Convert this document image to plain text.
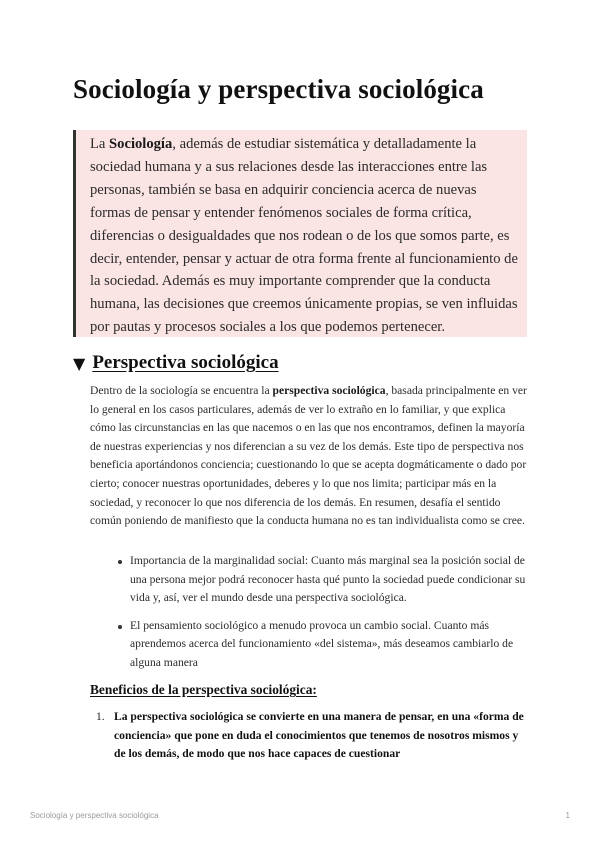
Sociología y perspectiva sociológica
La Sociología, además de estudiar sistemática y detalladamente la sociedad humana y a sus relaciones desde las interacciones entre las personas, también se basa en adquirir conciencia acerca de nuevas formas de pensar y entender fenómenos sociales de forma crítica, diferencias o desigualdades que nos rodean o de los que somos parte, es decir, entender, pensar y actuar de otra forma frente al funcionamiento de la sociedad. Además es muy importante comprender que la conducta humana, las decisiones que creemos únicamente propias, se ven influidas por pautas y procesos sociales a los que podemos pertenecer.
▼ Perspectiva sociológica

Dentro de la sociología se encuentra la perspectiva sociológica, basada principalmente en ver lo general en los casos particulares, además de ver lo extraño en lo familiar, y que explica cómo las circunstancias en las que nacemos o en las que nos encontramos, definen la mayoría de nuestras experiencias y nos diferencian a su vez de los demás. Este tipo de perspectiva nos beneficia aportándonos conciencia; cuestionando lo que se acepta dogmáticamente o dado por cierto; conocer nuestras oportunidades, deberes y lo que nos limita; participar más en la sociedad, y reconocer lo que nos diferencia de los demás. En resumen, desafía el sentido común poniendo de manifiesto que la conducta humana no es tan individualista como se cree.

Importancia de la marginalidad social: Cuanto más marginal sea la posición social de una persona mejor podrá reconocer hasta qué punto la sociedad puede condicionar su vida y, así, ver el mundo desde una perspectiva sociológica.
El pensamiento sociológico a menudo provoca un cambio social. Cuanto más aprendemos acerca del funcionamiento «del sistema», más deseamos cambiarlo de alguna manera
Beneficios de la perspectiva sociológica:
1. La perspectiva sociológica se convierte en una manera de pensar, en una «forma de conciencia» que pone en duda el conocimientos que tenemos de nosotros mismos y de los demás, de modo que nos hace capaces de cuestionar
Sociología y perspectiva sociológica	1
